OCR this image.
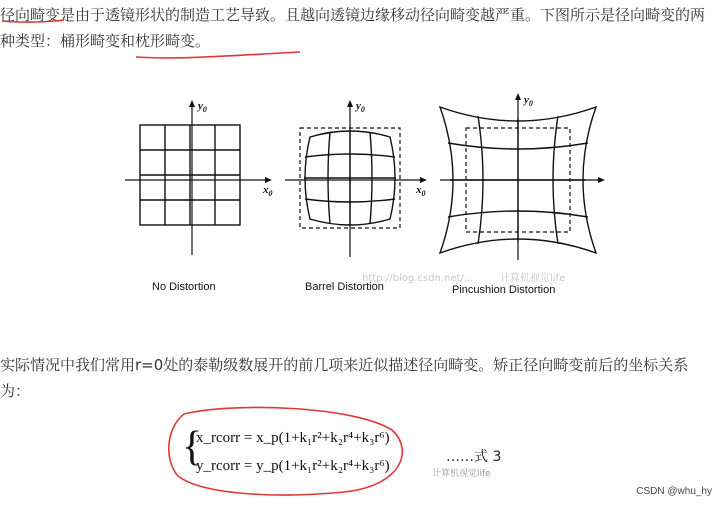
径向畸变是由于透镜形状的制造工艺导致。且越向透镜边缘移动径向畸变越严重。下图所示是径向畸变的两种类型：桶形畸变和枕形畸变。
$y_0$
$x_0$
No Distortion
$y_0$
$x_0$
Barrel Distortion
$y_0$
Pincushion Distortion
http://blog.csdn.net/...	计算机视觉life
实际情况中我们常用r=0处的泰勒级数展开的前几项来近似描述径向畸变。矫正径向畸变前后的坐标关系为：
{
x_rcorr = x_p(1+k₁r²+k₂r⁴+k₃r⁶)
y_rcorr = y_p(1+k₁r²+k₂r⁴+k₃r⁶)
……式 3
计算机视觉life
CSDN @whu_hy
